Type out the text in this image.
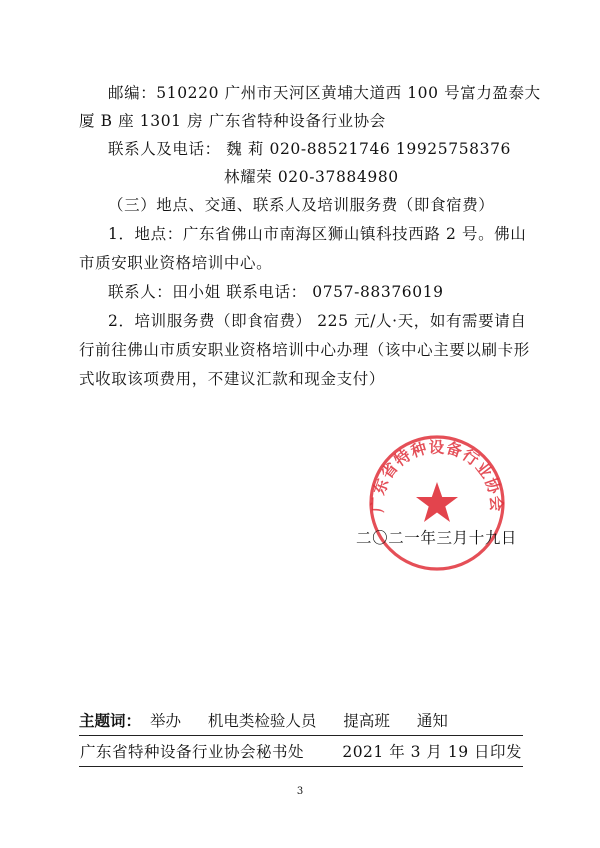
邮编：510220 广州市天河区黄埔大道西 100 号富力盈泰大
厦 B 座 1301 房 广东省特种设备行业协会
联系人及电话： 魏 莉 020-88521746 19925758376
林耀荣 020-37884980
（三）地点、交通、联系人及培训服务费（即食宿费）
1．地点：广东省佛山市南海区狮山镇科技西路 2 号。佛山
市质安职业资格培训中心。
联系人：田小姐 联系电话： 0757-88376019
2．培训服务费（即食宿费） 225 元/人·天，如有需要请自
行前往佛山市质安职业资格培训中心办理（该中心主要以刷卡形
式收取该项费用，不建议汇款和现金支付）
广东省特种设备行业协会
二〇二一年三月十九日
主题词： 举办 机电类检验人员 提高班 通知
广东省特种设备行业协会秘书处 2021 年 3 月 19 日印发
3
